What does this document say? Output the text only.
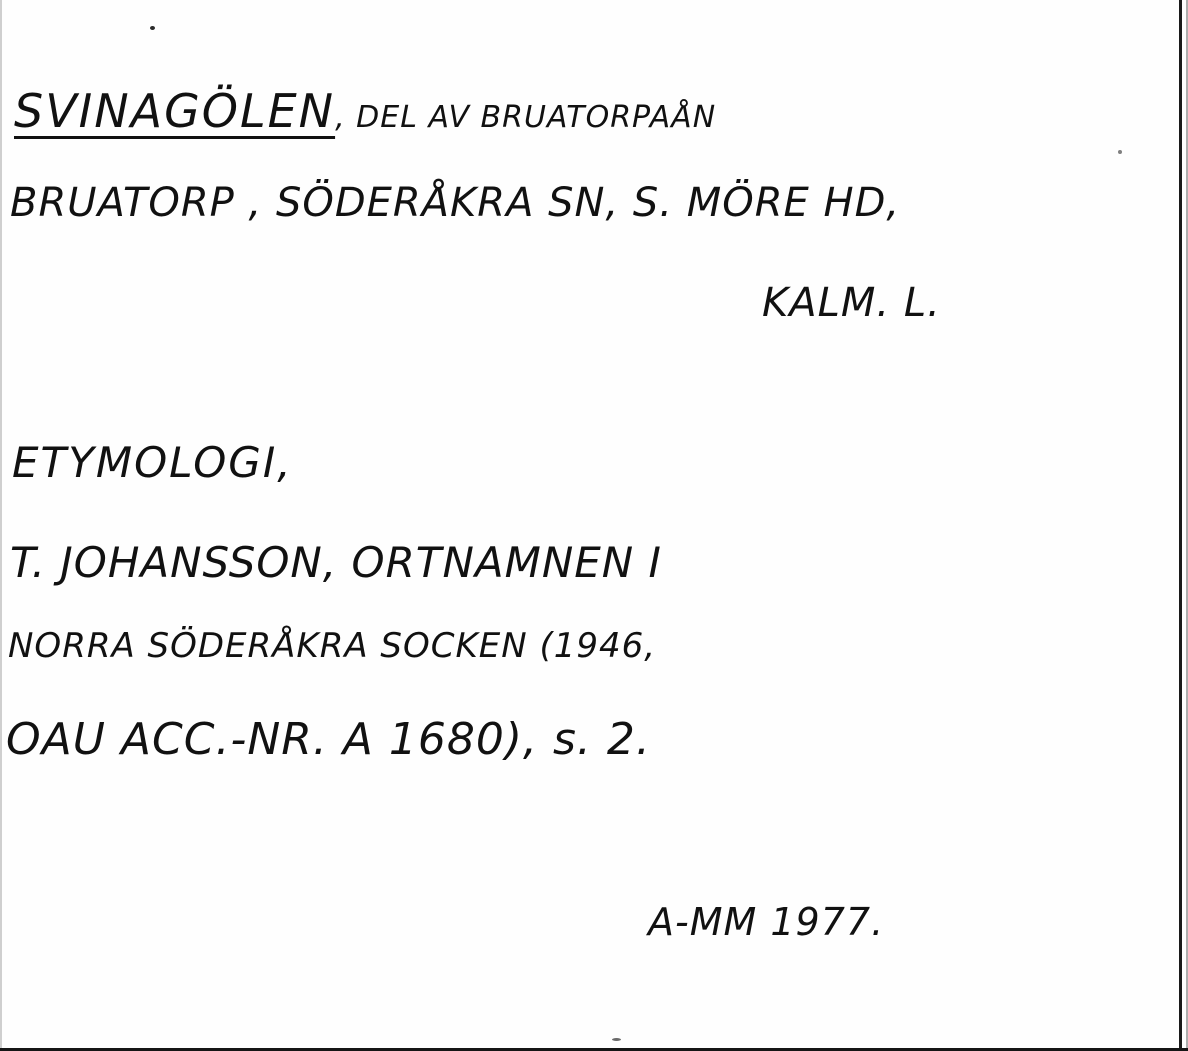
SVINAGÖLEN, DEL AV BRUATORPAÅN
BRUATORP , SÖDERÅKRA SN, S. MÖRE HD,
KALM. L.
ETYMOLOGI,
T. JOHANSSON, ORTNAMNEN I
NORRA SÖDERÅKRA SOCKEN (1946,
OAU ACC.-NR. A 1680), s. 2.
A-MM 1977.
